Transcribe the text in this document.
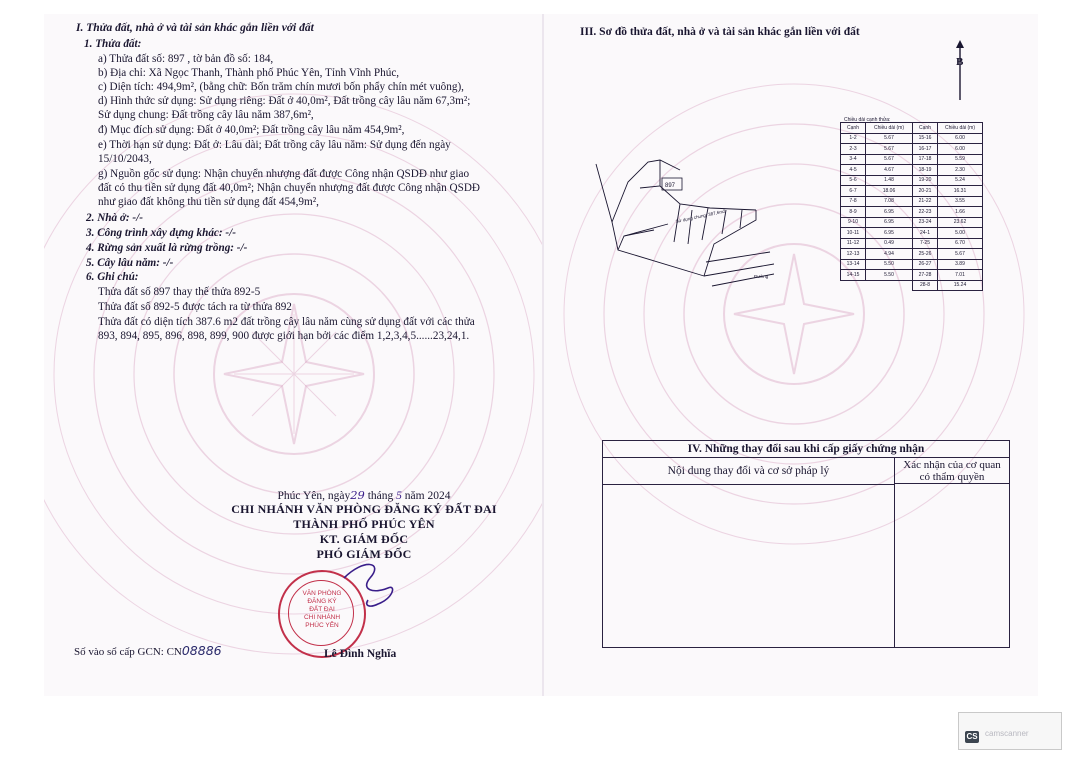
I. Thửa đất, nhà ở và tài sản khác gắn liền với đất
1. Thửa đất:
a) Thửa đất số: 897 , tờ bản đồ số: 184,
b) Địa chỉ: Xã Ngọc Thanh, Thành phố Phúc Yên, Tỉnh Vĩnh Phúc,
c) Diện tích: 494,9m², (bằng chữ: Bốn trăm chín mươi bốn phẩy chín mét vuông),
d) Hình thức sử dụng: Sử dụng riêng: Đất ở 40,0m², Đất trồng cây lâu năm 67,3m²;
Sử dụng chung: Đất trồng cây lâu năm 387,6m²,
đ) Mục đích sử dụng: Đất ở 40,0m²; Đất trồng cây lâu năm 454,9m²,
e) Thời hạn sử dụng: Đất ở: Lâu dài; Đất trồng cây lâu năm: Sử dụng đến ngày
15/10/2043,
g) Nguồn gốc sử dụng: Nhận chuyển nhượng đất được Công nhận QSDĐ như giao
đất có thu tiền sử dụng đất 40,0m²; Nhận chuyển nhượng đất được Công nhận QSDĐ
như giao đất không thu tiền sử dụng đất 454,9m²,
2. Nhà ở: -/-
3. Công trình xây dựng khác: -/-
4. Rừng sản xuất là rừng trồng: -/-
5. Cây lâu năm: -/-
6. Ghi chú:
Thửa đất số 897 thay thế thửa 892-5
Thửa đất số 892-5 được tách ra từ thửa 892
Thửa đất có diện tích 387.6 m2 đất trồng cây lâu năm cùng sử dụng đất với các thửa
893, 894, 895, 896, 898, 899, 900 được giới hạn bởi các điểm 1,2,3,4,5......23,24,1.
Phúc Yên, ngày29 tháng 5 năm 2024
CHI NHÁNH VĂN PHÒNG ĐĂNG KÝ ĐẤT ĐAI
THÀNH PHỐ PHÚC YÊN
KT. GIÁM ĐỐC
PHÓ GIÁM ĐỐC
VĂN PHÒNG
ĐĂNG KÝ
ĐẤT ĐAI
CHI NHÁNH
PHÚC YÊN
Lê Đình Nghĩa
Số vào sổ cấp GCN: CN08886
III. Sơ đồ thửa đất, nhà ở và tài sản khác gắn liền với đất
B
897
Sử dụng chung: 387,6m2
Đường
Chiều dài cạnh thửa:
Cạnh	Chiều dài (m)	Cạnh	Chiều dài (m)
1-2	5.67	15-16	6.00
2-3	5.67	16-17	6.00
3-4	5.67	17-18	5.59
4-5	4.67	18-19	2.30
5-6	1.48	19-20	5.24
6-7	18.06	20-21	16.31
7-8	7.08	21-22	3.55
8-9	6.95	22-23	1.66
9-10	6.95	23-24	23.62
10-11	6.95	24-1	5.00
11-12	0.49	7-25	6.70
12-13	4.94	25-26	5.67
13-14	5.50	26-27	3.89
14-15	5.50	27-28	7.01
		28-8	15.24
IV. Những thay đổi sau khi cấp giấy chứng nhận
Nội dung thay đổi và cơ sở pháp lý	Xác nhận của cơ quan
có thẩm quyền
CS camscanner
